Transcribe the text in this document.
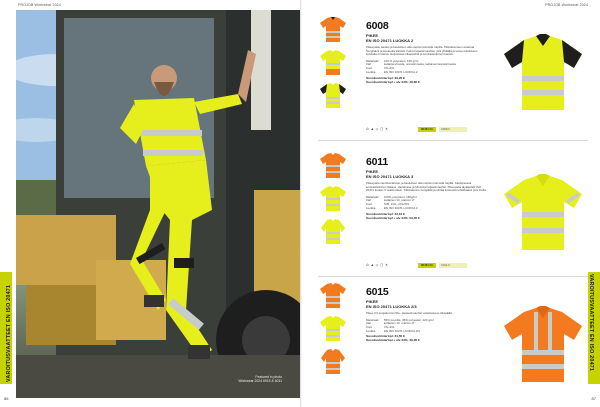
PROJOB Workwear 2024
Featured in photo
Workwear 2024 6015 & 6011
VAROITUSVAATTEET EN ISO 20471
86
PROJOB Workwear 2024
VAROITUSVAATTEET EN ISO 20471
87
6008
PIKEE
EN ISO 20471 LUOKKA 2
Pikeepaita, kaulus ja kauluksen alla napitus kolmella napilla. Tikkirakenteen ansiosta hengittävä ja kosteutta siirtävä. Kaksi heijastinnauhaa, yksi ylhäällä ja toinen kauluksen kohdalla rinnassa. Heijastavat olkanauhat ja kontrastivärinen kaulus.
Materiaali	100 % polyesteri, 160 g/m²
Väri	keltainen/musta, oranssi/musta, keltainen/oranssi/musta
Koot	XS–4XL
Luokka	EN ISO 20471 LUOKKA 2
Suositushinta/ kpl: 39,20 €
Suositushinta/ kpl + alv 24%: 48,60 €
⊙ ▲ ◇ ▢ ✕	20471 CL	6008 C
6011
PIKEE
EN ISO 20471 LUOKKA 3
Pikeepaita varoitusvärissä, ja kauluksen alla napitus kolmella napilla. Kauluksessa kontrastivärinen tikkaus. Vartalossa ja hihoissa heijastinnauhat. Pikeepaita täyttää EN ISO 20471 luokan 3 vaatimukset. Tikkirakenne hengittää ja siirtää kosteutta tehokkaasti pois iholta.
Materiaali	100% polyesteri, 160g/m²
Väri	keltainen 10, oranssi 17
Koot	S/M, L/XL, 2XL/3XL
Luokka	EN ISO 20471 LUOKKA 3
Suositushinta/ kpl: 43,10 €
Suositushinta/ kpl + alv 24%: 53,45 €
⊙ ▲ ◇ ▢ ✕	20471 CL	6011 C
6015
PIKEE
EN ISO 20471 LUOKKA 2/3
Pikee UV-suojakerroin 50+. Heijastinnauhat vartalossa ja olkapäillä.
Materiaali	55% puuvilla, 45% polyesteri, 220 g/m²
Väri	keltainen 10, oranssi 17
Koot	XS–4XL
Luokka	EN ISO 20471 LUOKKA 2/3
Suositushinta/ kpl: 31,50 €
Suositushinta/ kpl + alv 24%: 39,05 €
